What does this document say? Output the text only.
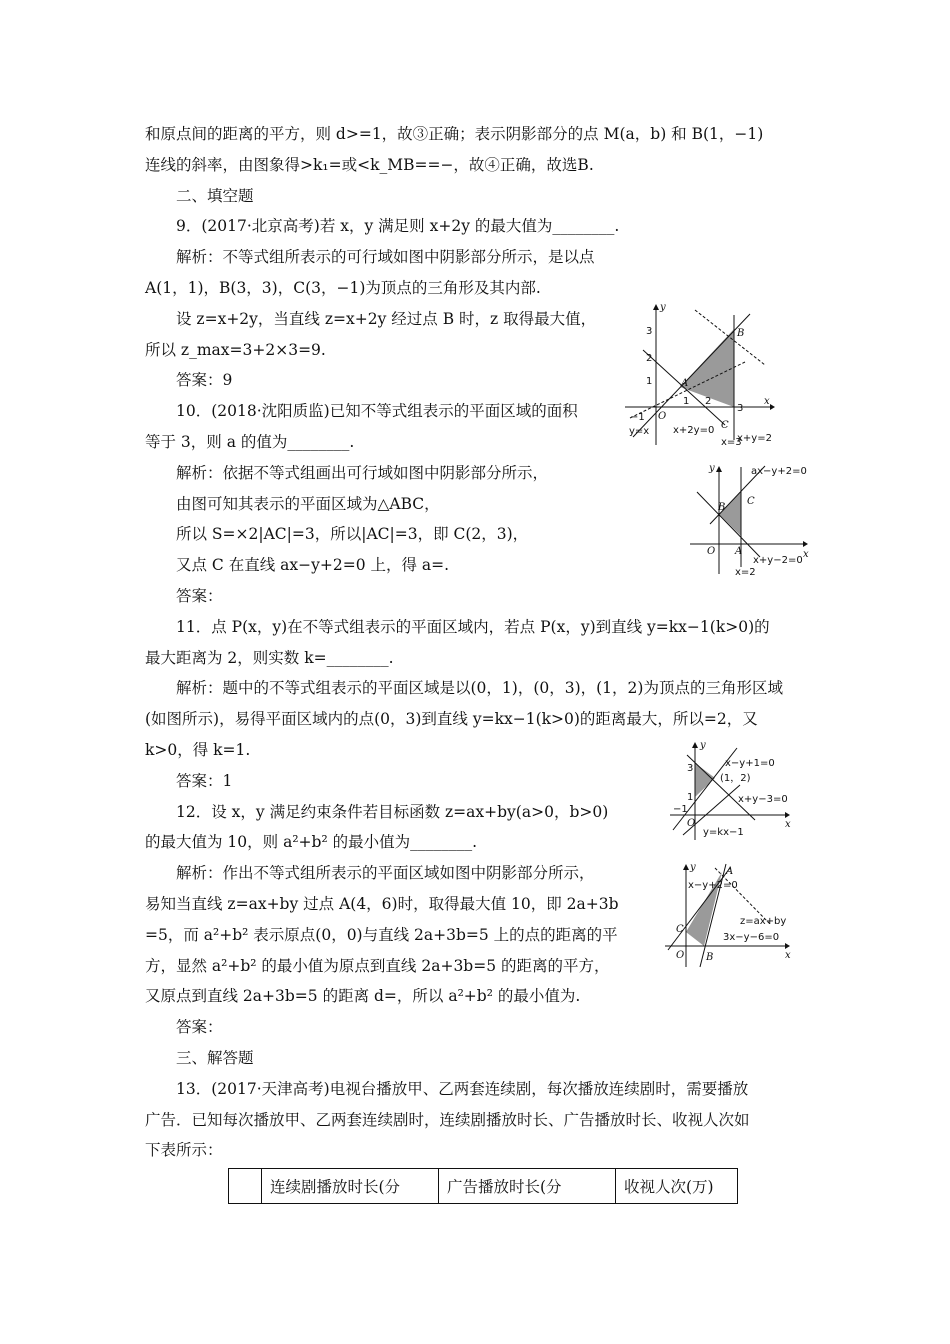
和原点间的距离的平方，则 d>=1，故③正确；表示阴影部分的点 M(a，b) 和 B(1，−1)
连线的斜率，由图象得>k₁=或<k_MB==−，故④正确，故选B.
二、填空题
9．(2017·北京高考)若 x，y 满足则 x+2y 的最大值为________.
解析：不等式组所表示的可行域如图中阴影部分所示，是以点
A(1，1)，B(3，3)，C(3，−1)为顶点的三角形及其内部.
设 z=x+2y，当直线 z=x+2y 经过点 B 时，z 取得最大值，
所以 z_max=3+2×3=9.
答案：9
10．(2018·沈阳质监)已知不等式组表示的平面区域的面积
等于 3，则 a 的值为________.
解析：依据不等式组画出可行域如图中阴影部分所示，
由图可知其表示的平面区域为△ABC，
所以 S=×2|AC|=3，所以|AC|=3，即 C(2，3)，
又点 C 在直线 ax−y+2=0 上，得 a=.
答案：
11．点 P(x，y)在不等式组表示的平面区域内，若点 P(x，y)到直线 y=kx−1(k>0)的
最大距离为 2，则实数 k=________.
解析：题中的不等式组表示的平面区域是以(0，1)，(0，3)，(1，2)为顶点的三角形区域
(如图所示)，易得平面区域内的点(0，3)到直线 y=kx−1(k>0)的距离最大，所以=2，又
k>0，得 k=1.
答案：1
12．设 x，y 满足约束条件若目标函数 z=ax+by(a>0，b>0)
的最大值为 10，则 a²+b² 的最小值为________.
解析：作出不等式组所表示的平面区域如图中阴影部分所示，
易知当直线 z=ax+by 过点 A(4，6)时，取得最大值 10，即 2a+3b
=5，而 a²+b² 表示原点(0，0)与直线 2a+3b=5 上的点的距离的平
方，显然 a²+b² 的最小值为原点到直线 2a+3b=5 的距离的平方，
又原点到直线 2a+3b=5 的距离 d=，所以 a²+b² 的最小值为.
答案：
三、解答题
13．(2017·天津高考)电视台播放甲、乙两套连续剧，每次播放连续剧时，需要播放
广告．已知每次播放甲、乙两套连续剧时，连续剧播放时长、广告播放时长、收视人次如
下表所示：
	连续剧播放时长(分	广告播放时长(分	收视人次(万)
y
x
3
2
1
−1 O
1 2
3
A
B
C
y=x x+2y=0
x=3
x+y=2
y
x
O A
B
C
ax−y+2=0
x+y−2=0
x=2
y
x
O
3
1
−1
x−y+1=0
(1，2)
x+y−3=0
y=kx−1
y
x
O
A
B
C
x−y+2=0
z=ax+by
3x−y−6=0
